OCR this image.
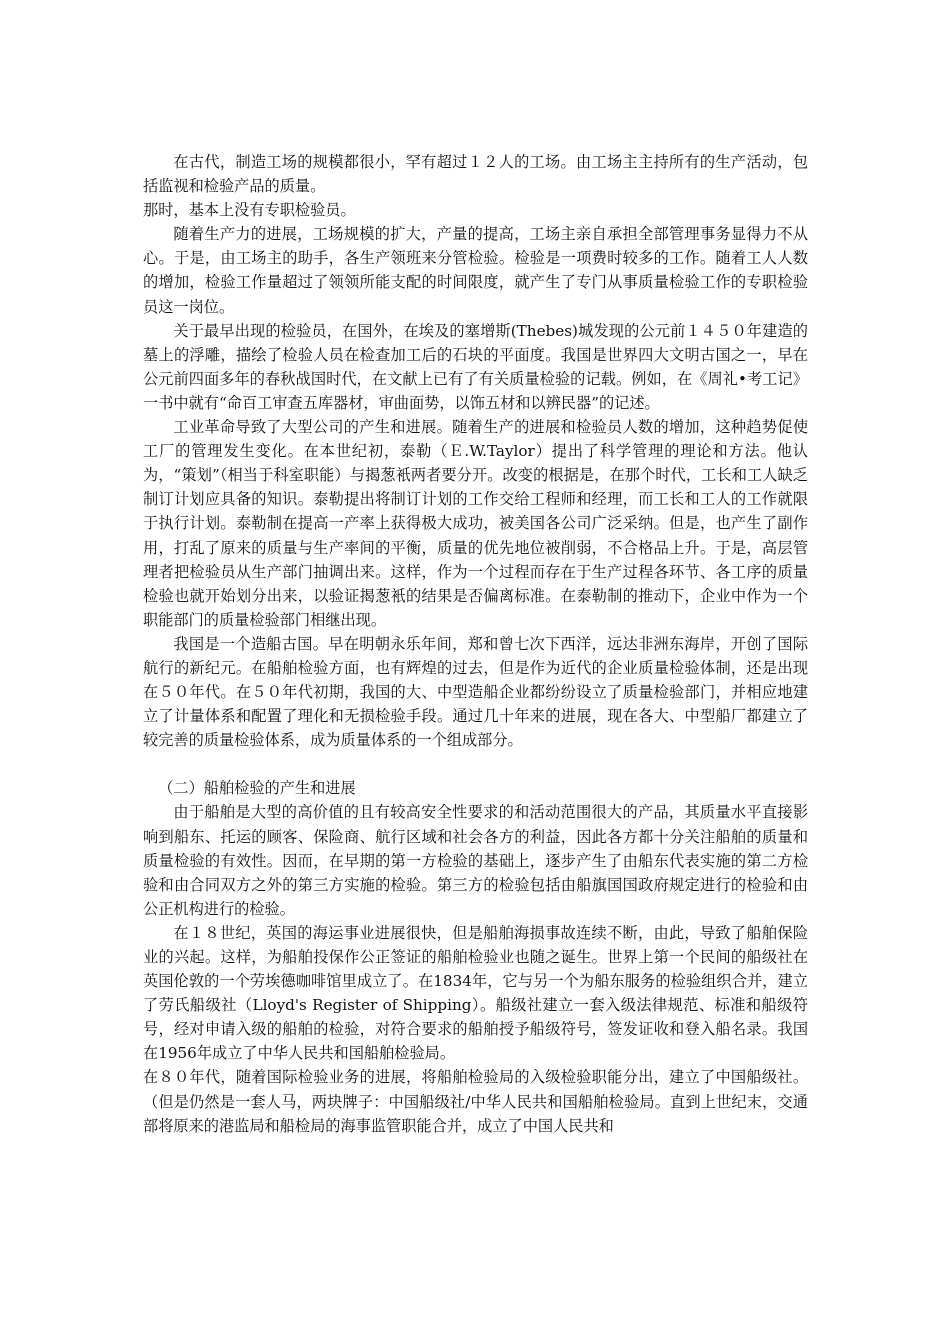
在古代，制造工场的规模都很小，罕有超过１２人的工场。由工场主主持所有的生产活动，包括监视和检验产品的质量。

那时，基本上没有专职检验员。

随着生产力的进展，工场规模的扩大，产量的提高，工场主亲自承担全部管理事务显得力不从心。于是，由工场主的助手，各生产领班来分管检验。检验是一项费时较多的工作。随着工人人数的增加，检验工作量超过了领领所能支配的时间限度，就产生了专门从事质量检验工作的专职检验员这一岗位。

关于最早出现的检验员，在国外，在埃及的塞增斯(Thebes)城发现的公元前１４５０年建造的墓上的浮雕，描绘了检验人员在检查加工后的石块的平面度。我国是世界四大文明古国之一，早在公元前四面多年的春秋战国时代，在文献上已有了有关质量检验的记载。例如，在《周礼•考工记》一书中就有“命百工审查五库器材，审曲面势，以饰五材和以辨民器”的记述。

工业革命导致了大型公司的产生和进展。随着生产的进展和检验员人数的增加，这种趋势促使工厂的管理发生变化。在本世纪初，泰勒（Ｅ.W.Taylor）提出了科学管理的理论和方法。他认为，“策划”（相当于科室职能）与揭葱衹两者要分开。改变的根据是，在那个时代，工长和工人缺乏制订计划应具备的知识。泰勒提出将制订计划的工作交给工程师和经理，而工长和工人的工作就限于执行计划。泰勒制在提高一产率上获得极大成功，被美国各公司广泛采纳。但是，也产生了副作用，打乱了原来的质量与生产率间的平衡，质量的优先地位被削弱，不合格品上升。于是，高层管理者把检验员从生产部门抽调出来。这样，作为一个过程而存在于生产过程各环节、各工序的质量检验也就开始划分出来，以验证揭葱衹的结果是否偏离标准。在泰勒制的推动下，企业中作为一个职能部门的质量检验部门相继出现。

我国是一个造船古国。早在明朝永乐年间，郑和曾七次下西洋，远达非洲东海岸，开创了国际航行的新纪元。在船舶检验方面，也有辉煌的过去，但是作为近代的企业质量检验体制，还是出现在５０年代。在５０年代初期，我国的大、中型造船企业都纷纷设立了质量检验部门，并相应地建立了计量体系和配置了理化和无损检验手段。通过几十年来的进展，现在各大、中型船厂都建立了较完善的质量检验体系，成为质量体系的一个组成部分。

（二）船舶检验的产生和进展

由于船舶是大型的高价值的且有较高安全性要求的和活动范围很大的产品，其质量水平直接影响到船东、托运的顾客、保险商、航行区域和社会各方的利益，因此各方都十分关注船舶的质量和质量检验的有效性。因而，在早期的第一方检验的基础上，逐步产生了由船东代表实施的第二方检验和由合同双方之外的第三方实施的检验。第三方的检验包括由船旗国国政府规定进行的检验和由公正机构进行的检验。

在１８世纪，英国的海运事业进展很快，但是船舶海损事故连续不断，由此，导致了船舶保险业的兴起。这样，为船舶投保作公正签证的船舶检验业也随之诞生。世界上第一个民间的船级社在英国伦敦的一个劳埃德咖啡馆里成立了。在1834年，它与另一个为船东服务的检验组织合并，建立了劳氏船级社（Lloyd's Register of Shipping）。船级社建立一套入级法律规范、标准和船级符号，经对申请入级的船舶的检验，对符合要求的船舶授予船级符号，签发证收和登入船名录。我国在1956年成立了中华人民共和国船舶检验局。

在８０年代，随着国际检验业务的进展，将船舶检验局的入级检验职能分出，建立了中国船级社。（但是仍然是一套人马，两块牌子：中国船级社/中华人民共和国船舶检验局。直到上世纪末，交通部将原来的港监局和船检局的海事监管职能合并，成立了中国人民共和
